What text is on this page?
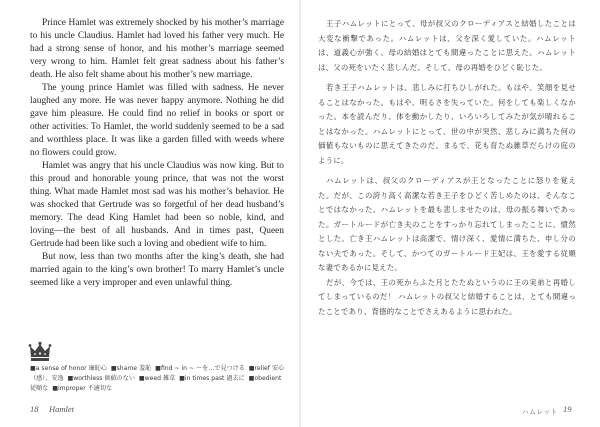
Prince Hamlet was extremely shocked by his mother’s marriage to his uncle Claudius. Hamlet had loved his father very much. He had a strong sense of honor, and his mother’s marriage seemed very wrong to him. Hamlet felt great sadness about his father’s death. He also felt shame about his mother’s new marriage.

The young prince Hamlet was filled with sadness. He never laughed any more. He was never happy anymore. Nothing he did gave him pleasure. He could find no relief in books or sport or other activities. To Hamlet, the world suddenly seemed to be a sad and worthless place. It was like a garden filled with weeds where no flowers could grow.

Hamlet was angry that his uncle Claudius was now king. But to this proud and honorable young prince, that was not the worst thing. What made Hamlet most sad was his mother’s behavior. He was shocked that Gertrude was so forgetful of her dead husband’s memory. The dead King Hamlet had been so noble, kind, and loving—the best of all husbands. And in times past, Queen Gertrude had been like such a loving and obedient wife to him.

But now, less than two months after the king’s death, she had married again to the king’s own brother! To marry Hamlet’s uncle seemed like a very improper and even unlawful thing.

■a sense of honor 廉恥心 ■shame 羞恥 ■find ~ in ~ 〜を…で見つける ■relief 安心（感），安逸 ■worthless 価値のない ■weed 雑草 ■in times past 過去に ■obedient従順な ■improper 不適切な

王子ハムレットにとって、母が叔父のクローディアスと結婚したことは大変な衝撃であった。ハムレットは、父を深く愛していた。ハムレットは、道義心が強く、母の結婚はとても間違ったことに思えた。ハムレットは、父の死をいたく悲しんだ。そして、母の再婚をひどく恥じた。

若き王子ハムレットは、悲しみに打ちひしがれた。もはや、笑顔を見せることはなかった。もはや、明るさを失っていた。何をしても楽しくなかった。本を読んだり、体を動かしたり、いろいろしてみたが気が晴れることはなかった。ハムレットにとって、世の中が突然、悲しみに満ちた何の価値もないものに思えてきたのだ。まるで、花も育たぬ雑草だらけの庭のように。

ハムレットは、叔父のクローディアスが王となったことに怒りを覚えた。だが、この誇り高く高潔な若き王子をひどく苦しめたのは、そんなことではなかった。ハムレットを最も悲しませたのは、母の振る舞いであった。ガートルードが亡き夫のことをすっかり忘れてしまったことに、憤然とした。亡き王ハムレットは高潔で、情け深く、愛情に満ちた、申し分のない夫であった。そして、かつてのガートルード王妃は、王を愛する従順な妻であるかに見えた。

だが、今では、王の死からふた月とたたぬというのに王の実弟と再婚してしまっているのだ！ ハムレットの叔父と結婚することは、とても間違ったことであり、背徳的なことでさえあるように思われた。

18 Hamlet	ハムレット 19
